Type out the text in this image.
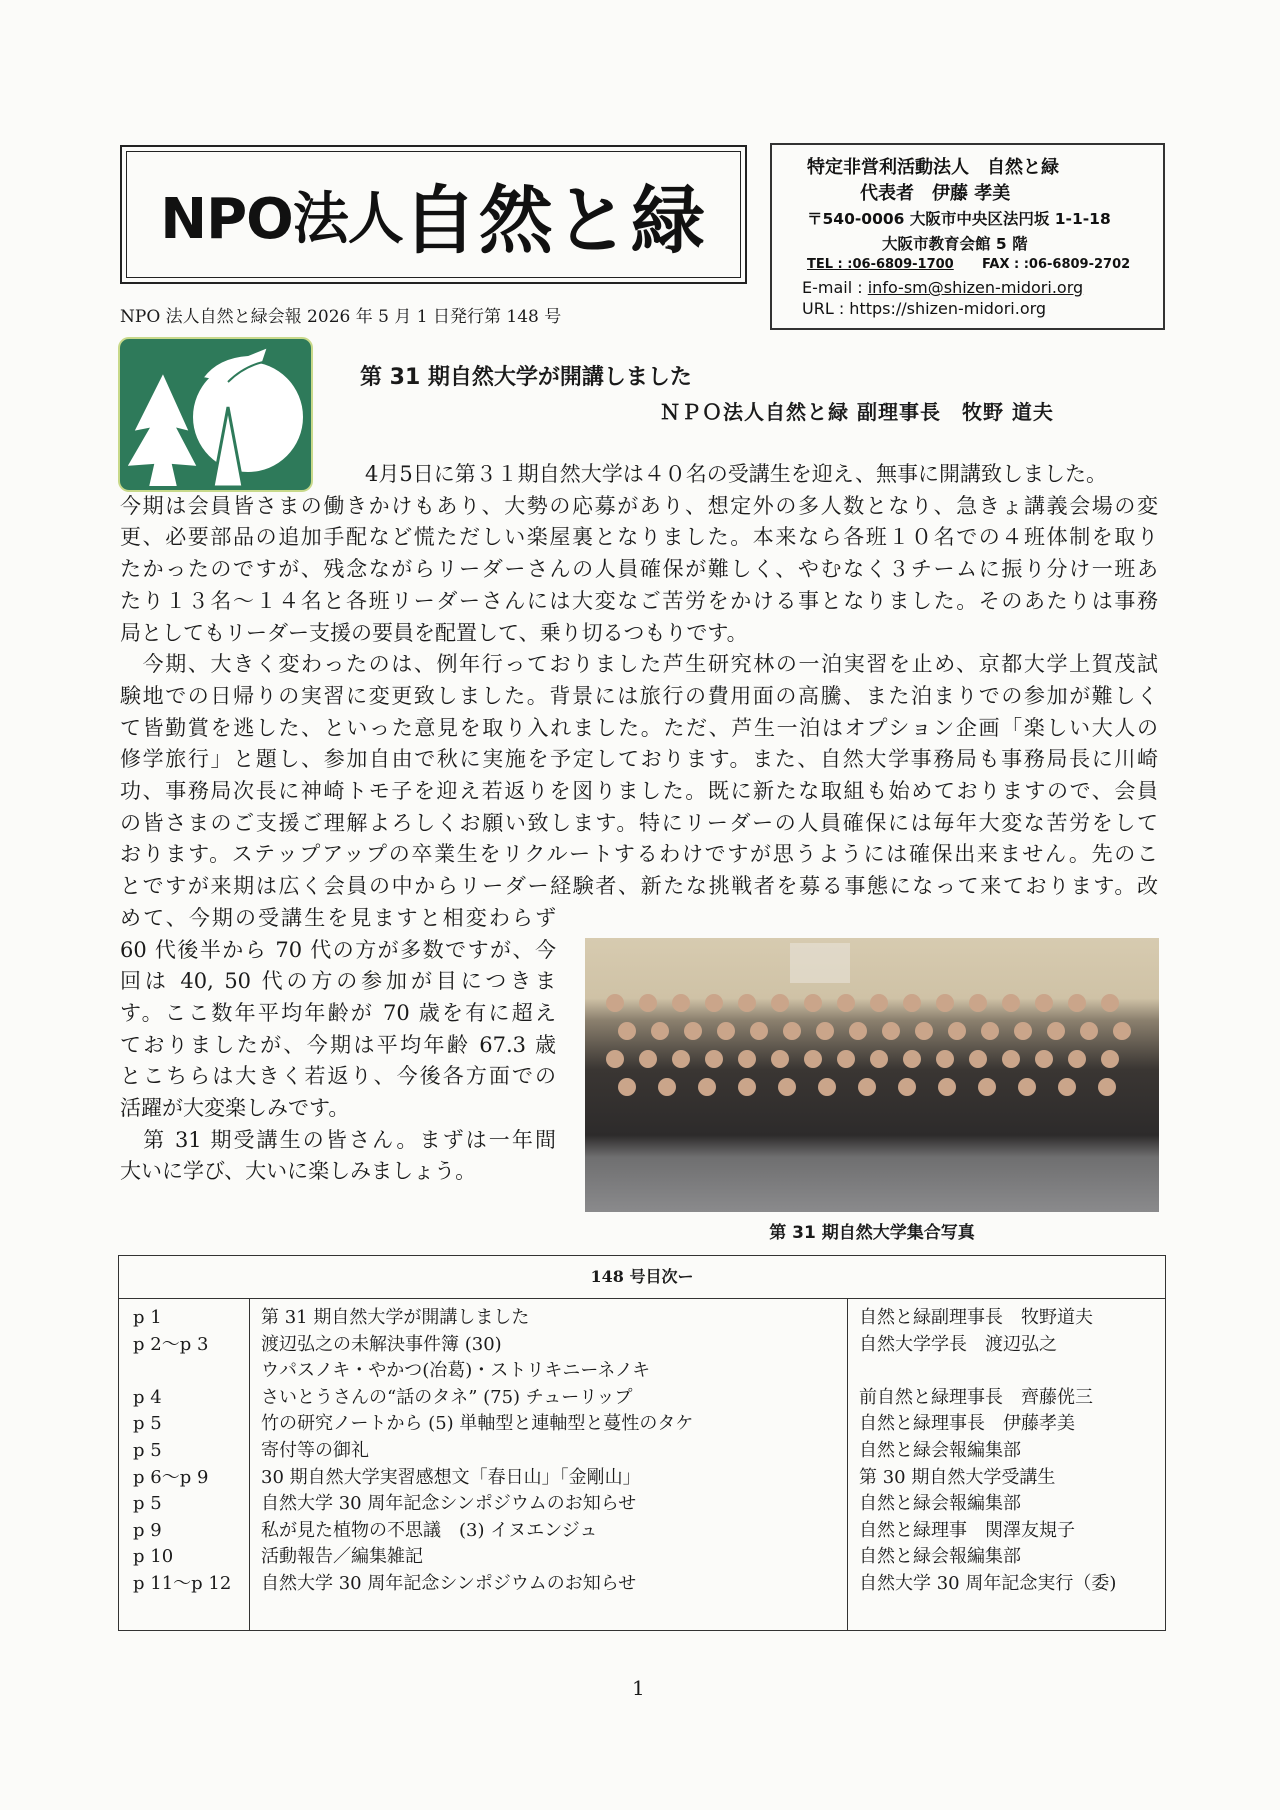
NPO法人 自然と緑
特定非営利活動法人　自然と緑
代表者　伊藤 孝美
〒540-0006 大阪市中央区法円坂 1-1-18
大阪市教育会館 5 階
TEL : :06-6809-1700 FAX : :06-6809-2702
E-mail : info-sm@shizen-midori.org
URL : https://shizen-midori.org
NPO 法人自然と緑会報 2026 年 5 月 1 日発行第 148 号
第 31 期自然大学が開講しました
ＮＰＯ法人自然と緑 副理事長　牧野 道夫
4月5日に第３１期自然大学は４０名の受講生を迎え、無事に開講致しました。
今期は会員皆さまの働きかけもあり、大勢の応募があり、想定外の多人数となり、急きょ講義会場の変
更、必要部品の追加手配など慌ただしい楽屋裏となりました。本来なら各班１０名での４班体制を取り
たかったのですが、残念ながらリーダーさんの人員確保が難しく、やむなく３チームに振り分け一班あ
たり１３名～１４名と各班リーダーさんには大変なご苦労をかける事となりました。そのあたりは事務
局としてもリーダー支援の要員を配置して、乗り切るつもりです。
　今期、大きく変わったのは、例年行っておりました芦生研究林の一泊実習を止め、京都大学上賀茂試
験地での日帰りの実習に変更致しました。背景には旅行の費用面の高騰、また泊まりでの参加が難しく
て皆勤賞を逃した、といった意見を取り入れました。ただ、芦生一泊はオプション企画「楽しい大人の
修学旅行」と題し、参加自由で秋に実施を予定しております。また、自然大学事務局も事務局長に川崎
功、事務局次長に神崎トモ子を迎え若返りを図りました。既に新たな取組も始めておりますので、会員
の皆さまのご支援ご理解よろしくお願い致します。特にリーダーの人員確保には毎年大変な苦労をして
おります。ステップアップの卒業生をリクルートするわけですが思うようには確保出来ません。先のこ
とですが来期は広く会員の中からリーダー経験者、新たな挑戦者を募る事態になって来ております。改
めて、今期の受講生を見ますと相変わらず
60 代後半から 70 代の方が多数ですが、今
回は 40, 50 代の方の参加が目につきま
す。ここ数年平均年齢が 70 歳を有に超え
ておりましたが、今期は平均年齢 67.3 歳
とこちらは大きく若返り、今後各方面での
活躍が大変楽しみです。
　第 31 期受講生の皆さん。まずは一年間
大いに学び、大いに楽しみましょう。
第 31 期自然大学集合写真
148 号目次ー
p 1	第 31 期自然大学が開講しました	自然と緑副理事長　牧野道夫
p 2～p 3	渡辺弘之の未解決事件簿 (30)	自然大学学長　渡辺弘之
ウパスノキ・やかつ(冶葛)・ストリキニーネノキ
p 4	さいとうさんの“話のタネ” (75) チューリップ	前自然と緑理事長　齊藤侊三
p 5	竹の研究ノートから (5) 単軸型と連軸型と蔓性のタケ	自然と緑理事長　伊藤孝美
p 5	寄付等の御礼	自然と緑会報編集部
p 6～p 9	30 期自然大学実習感想文「春日山」「金剛山」	第 30 期自然大学受講生
p 5	自然大学 30 周年記念シンポジウムのお知らせ	自然と緑会報編集部
p 9	私が見た植物の不思議　(3) イヌエンジュ	自然と緑理事　関澤友規子
p 10	活動報告／編集雑記	自然と緑会報編集部
p 11～p 12 自然大学 30 周年記念シンポジウムのお知らせ	自然大学 30 周年記念実行（委)
1
